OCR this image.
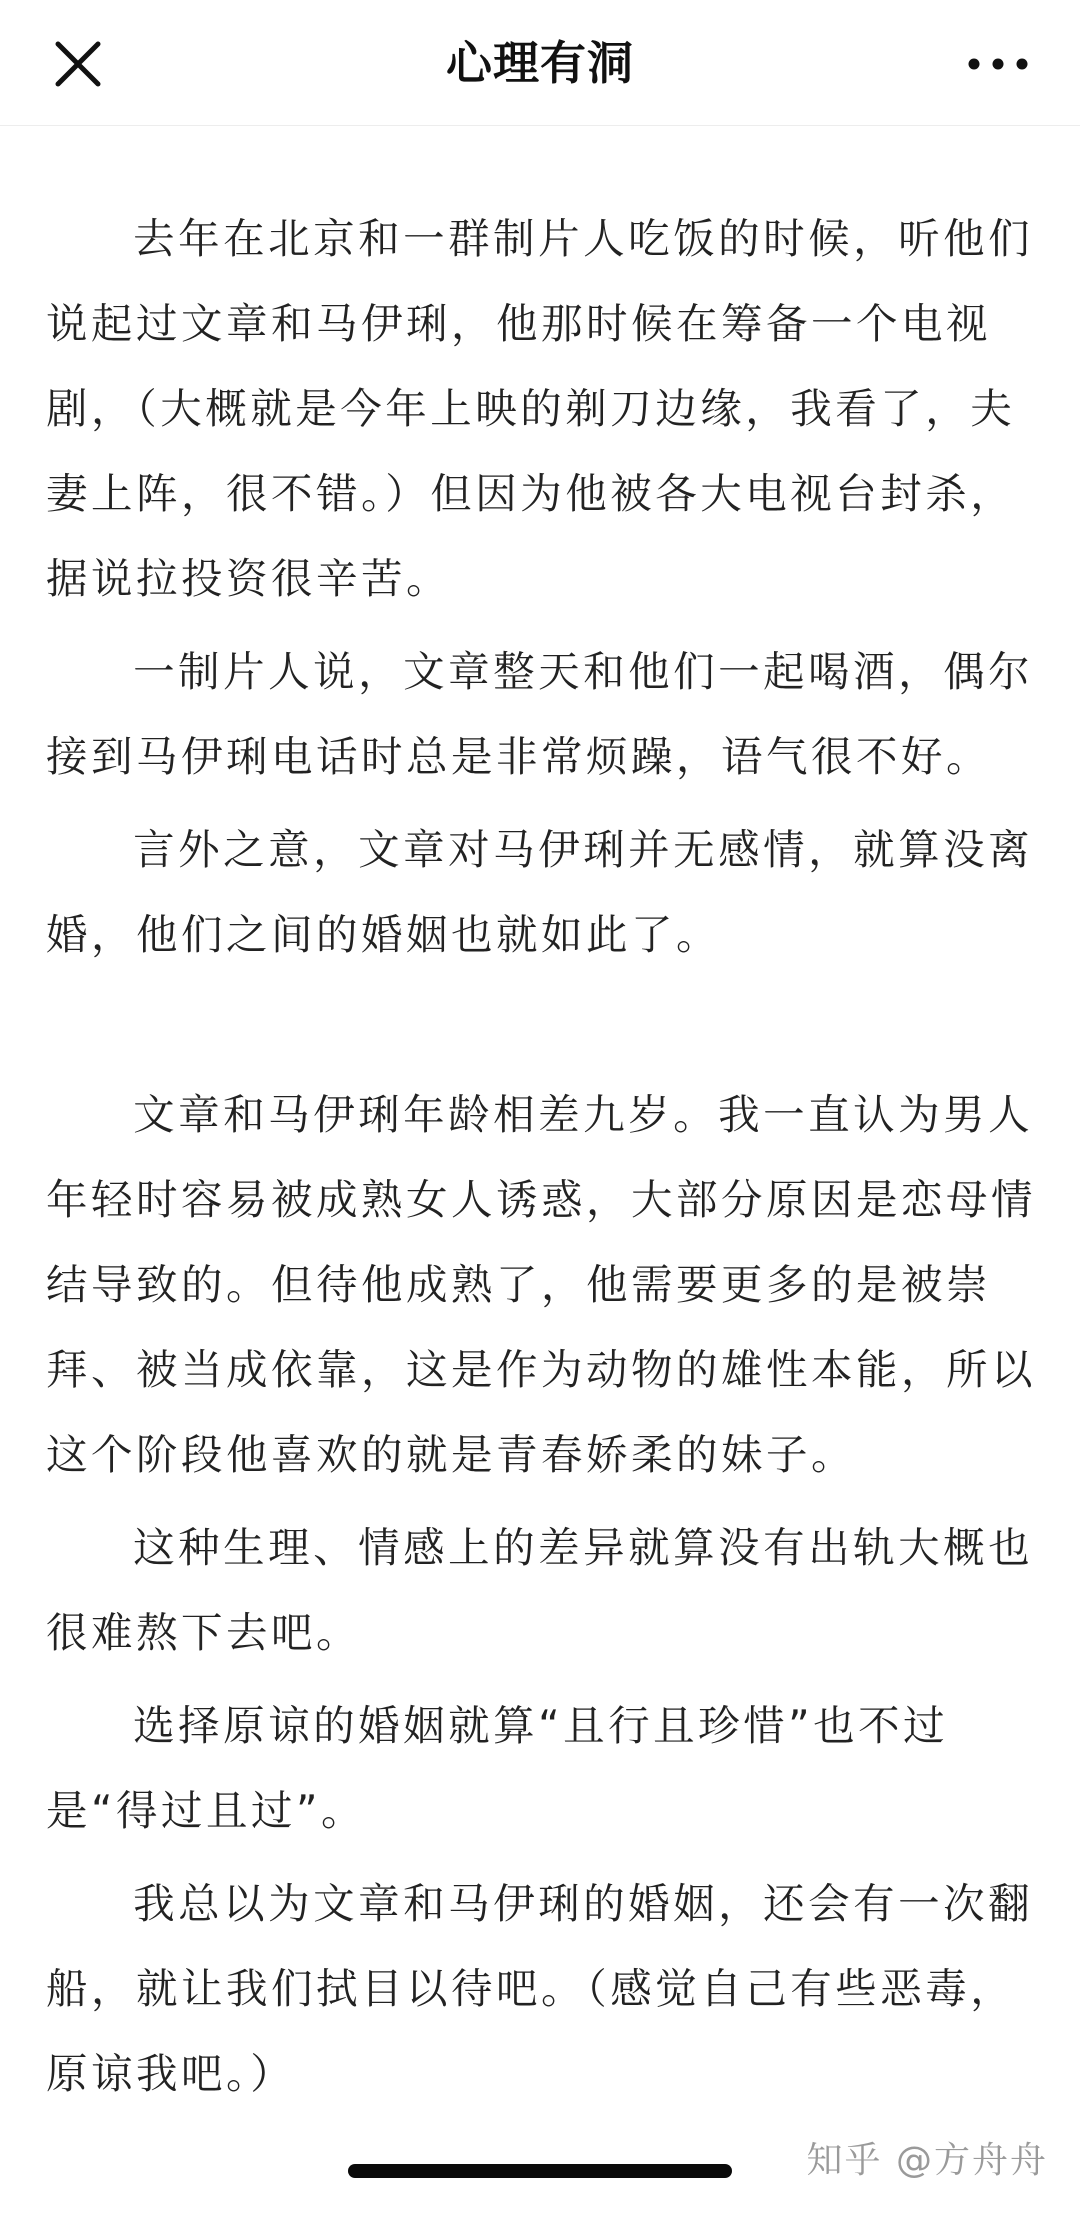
心理有洞

去年在北京和一群制片人吃饭的时候，听他们说起过文章和马伊琍，他那时候在筹备一个电视剧，（大概就是今年上映的剃刀边缘，我看了，夫妻上阵，很不错。）但因为他被各大电视台封杀，据说拉投资很辛苦。

一制片人说，文章整天和他们一起喝酒，偶尔接到马伊琍电话时总是非常烦躁，语气很不好。

言外之意，文章对马伊琍并无感情，就算没离婚，他们之间的婚姻也就如此了。

文章和马伊琍年龄相差九岁。我一直认为男人年轻时容易被成熟女人诱惑，大部分原因是恋母情结导致的。但待他成熟了，他需要更多的是被崇拜、被当成依靠，这是作为动物的雄性本能，所以这个阶段他喜欢的就是青春娇柔的妹子。

这种生理、情感上的差异就算没有出轨大概也很难熬下去吧。

选择原谅的婚姻就算“且行且珍惜”也不过是“得过且过”。

我总以为文章和马伊琍的婚姻，还会有一次翻船，就让我们拭目以待吧。（感觉自己有些恶毒，原谅我吧。）

知乎 @方舟舟
